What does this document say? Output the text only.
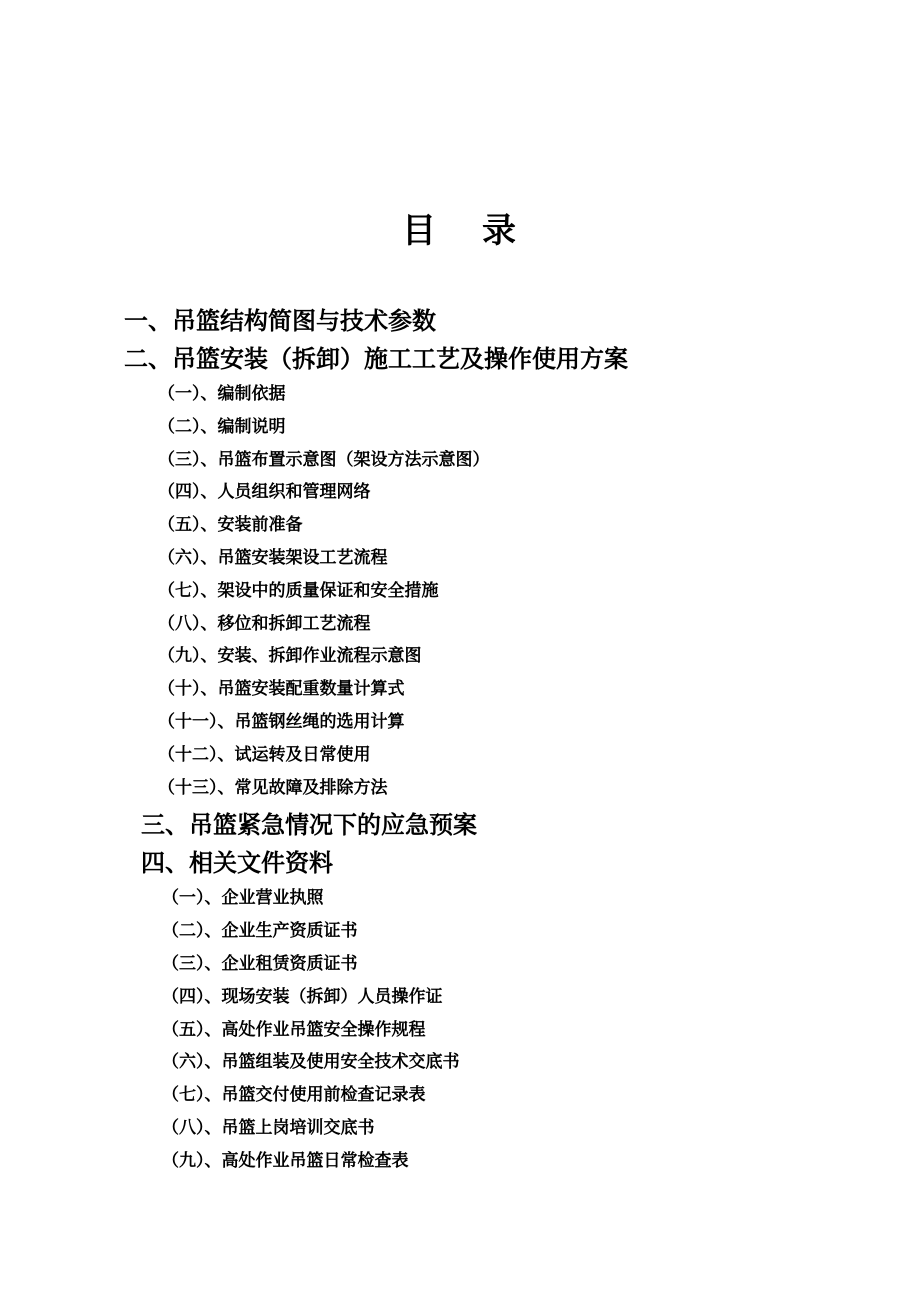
目 录
一、吊篮结构简图与技术参数
二、吊篮安装（拆卸）施工工艺及操作使用方案
（一）、编制依据
（二）、编制说明
（三）、吊篮布置示意图（架设方法示意图）
（四）、人员组织和管理网络
（五）、安装前准备
（六）、吊篮安装架设工艺流程
（七）、架设中的质量保证和安全措施
（八）、移位和拆卸工艺流程
（九）、安装、拆卸作业流程示意图
（十）、吊篮安装配重数量计算式
（十一）、吊篮钢丝绳的选用计算
（十二）、试运转及日常使用
（十三）、常见故障及排除方法
三、吊篮紧急情况下的应急预案
四、相关文件资料
（一）、企业营业执照
（二）、企业生产资质证书
（三）、企业租赁资质证书
（四）、现场安装（拆卸）人员操作证
（五）、高处作业吊篮安全操作规程
（六）、吊篮组装及使用安全技术交底书
（七）、吊篮交付使用前检查记录表
（八）、吊篮上岗培训交底书
（九）、高处作业吊篮日常检查表
